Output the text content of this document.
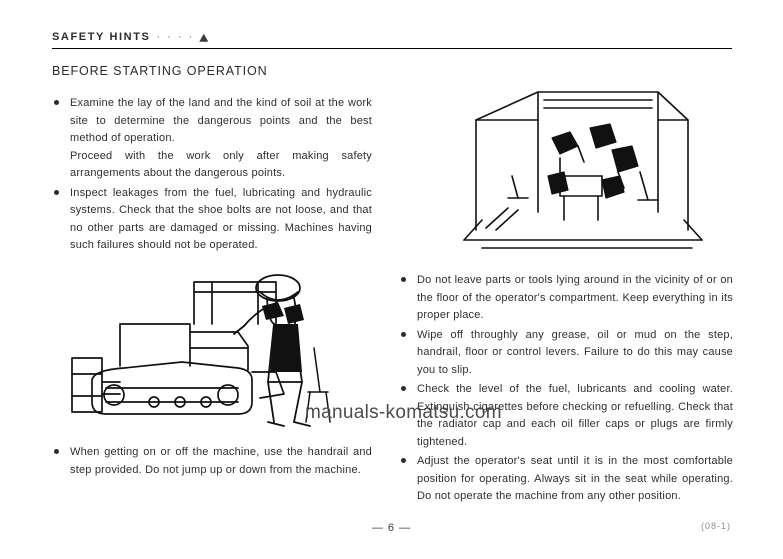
SAFETY HINTS · · · ·
BEFORE STARTING OPERATION
Examine the lay of the land and the kind of soil at the work site to determine the dangerous points and the best method of operation.
Proceed with the work only after making safety arrangements about the dangerous points.
Inspect leakages from the fuel, lubricating and hydraulic systems. Check that the shoe bolts are not loose, and that no other parts are damaged or missing. Machines having such failures should not be operated.
When getting on or off the machine, use the handrail and step provided. Do not jump up or down from the machine.
Do not leave parts or tools lying around in the vicinity of or on the floor of the operator's compartment. Keep everything in its proper place.
Wipe off throughly any grease, oil or mud on the step, handrail, floor or control levers. Failure to do this may cause you to slip.
Check the level of the fuel, lubricants and cooling water. Extinguish cigarettes before checking or refuelling. Check that the radiator cap and each oil filler caps or plugs are firmly tightened.
Adjust the operator's seat until it is in the most comfortable position for operating. Always sit in the seat while operating. Do not operate the machine from any other position.
manuals-komatsu.com
— 6 —	(08-1)
